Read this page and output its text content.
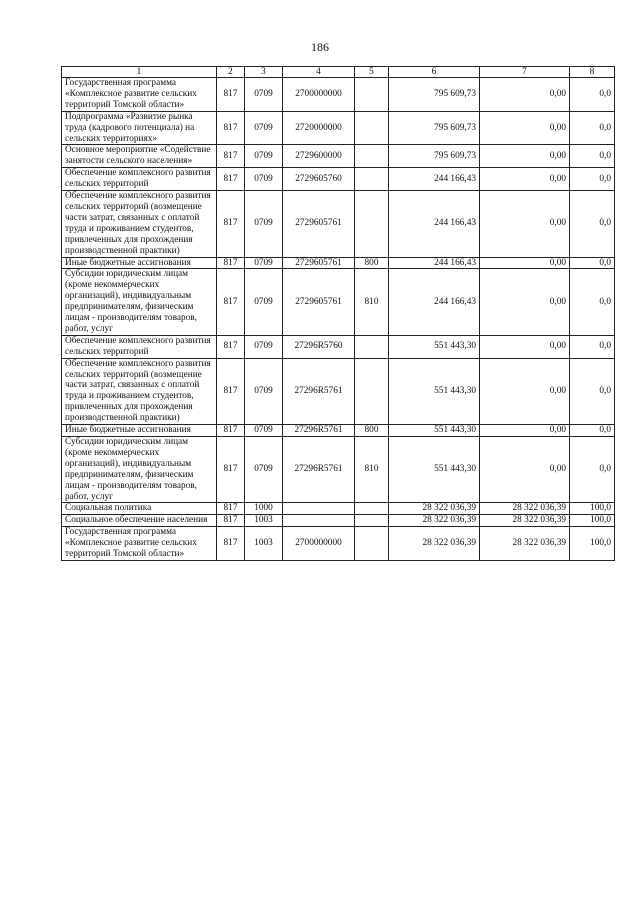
186
1	2	3	4	5	6	7	8
Государственная программа «Комплексное развитие сельских территорий Томской области»	817	0709	2700000000		795 609,73	0,00	0,0
Подпрограмма «Развитие рынка труда (кадрового потенциала) на сельских территориях»	817	0709	2720000000		795 609,73	0,00	0,0
Основное мероприятие «Содействие занятости сельского населения»	817	0709	2729600000		795 609,73	0,00	0,0
Обеспечение комплексного развития сельских территорий	817	0709	2729605760		244 166,43	0,00	0,0
Обеспечение комплексного развития сельских территорий (возмещение части затрат, связанных с оплатой труда и проживанием студентов, привлеченных для прохождения производственной практики)	817	0709	2729605761		244 166,43	0,00	0,0
Иные бюджетные ассигнования	817	0709	2729605761	800	244 166,43	0,00	0,0
Субсидии юридическим лицам (кроме некоммерческих организаций), индивидуальным предпринимателям, физическим лицам - производителям товаров, работ, услуг	817	0709	2729605761	810	244 166,43	0,00	0,0
Обеспечение комплексного развития сельских территорий	817	0709	27296R5760		551 443,30	0,00	0,0
Обеспечение комплексного развития сельских территорий (возмещение части затрат, связанных с оплатой труда и проживанием студентов, привлеченных для прохождения производственной практики)	817	0709	27296R5761		551 443,30	0,00	0,0
Иные бюджетные ассигнования	817	0709	27296R5761	800	551 443,30	0,00	0,0
Субсидии юридическим лицам (кроме некоммерческих организаций), индивидуальным предпринимателям, физическим лицам - производителям товаров, работ, услуг	817	0709	27296R5761	810	551 443,30	0,00	0,0
Социальная политика	817	1000			28 322 036,39	28 322 036,39	100,0
Социальное обеспечение населения	817	1003			28 322 036,39	28 322 036,39	100,0
Государственная программа «Комплексное развитие сельских территорий Томской области»	817	1003	2700000000		28 322 036,39	28 322 036,39	100,0
